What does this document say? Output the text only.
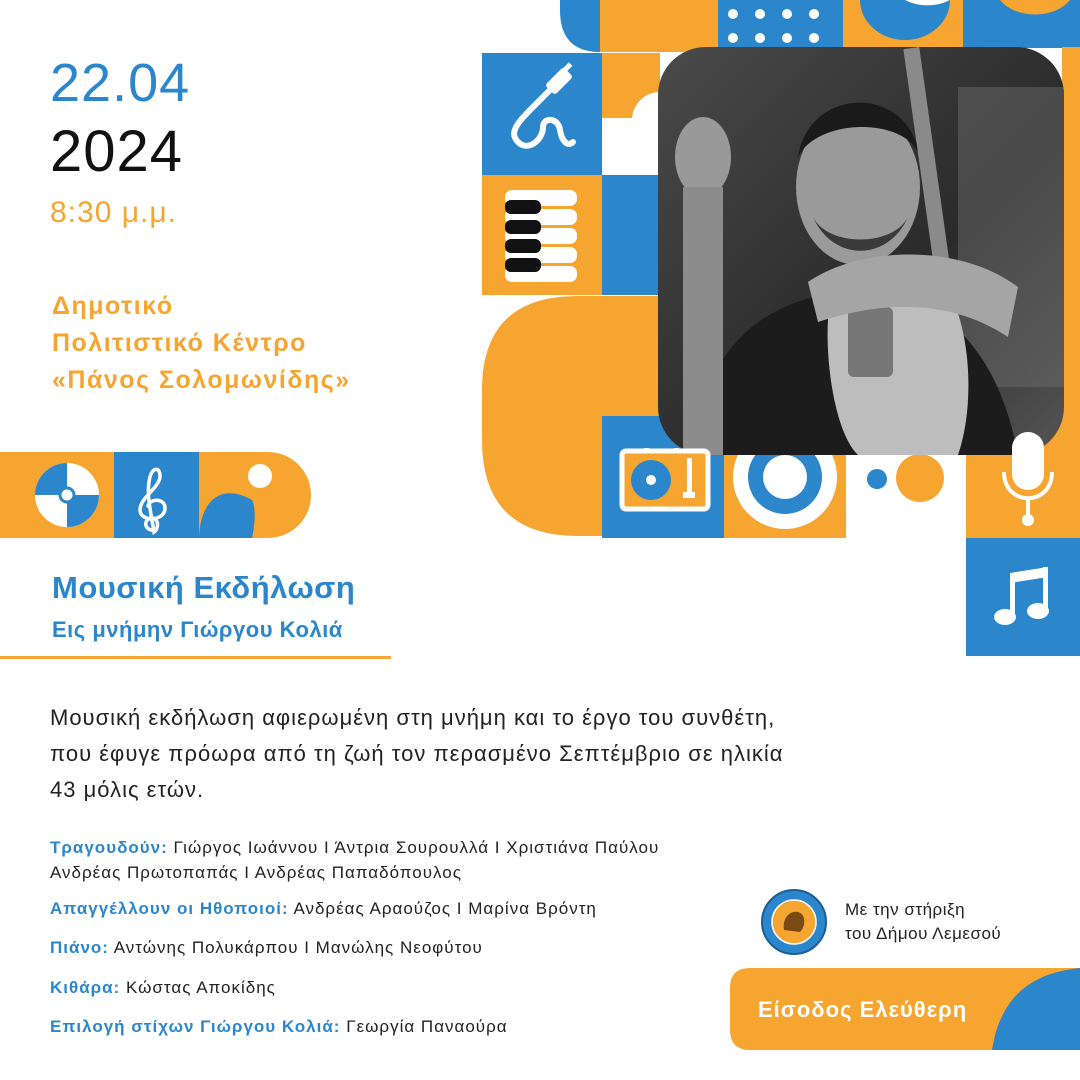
22.04
2024
8:30 μ.μ.
Δημοτικό
Πολιτιστικό Κέντρο
«Πάνος Σολομωνίδης»
Μουσική Εκδήλωση
Εις μνήμην Γιώργου Κολιά
Μουσική εκδήλωση αφιερωμένη στη μνήμη και το έργο του συνθέτη,
που έφυγε πρόωρα από τη ζωή τον περασμένο Σεπτέμβριο σε ηλικία
43 μόλις ετών.
Τραγουδούν: Γιώργος Ιωάννου Ι Άντρια Σουρουλλά Ι Χριστιάνα Παύλου
Ανδρέας Πρωτοπαπάς Ι Ανδρέας Παπαδόπουλος
Απαγγέλλουν οι Ηθοποιοί: Ανδρέας Αραούζος Ι Μαρίνα Βρόντη
Πιάνο: Αντώνης Πολυκάρπου Ι Μανώλης Νεοφύτου
Κιθάρα: Κώστας Αποκίδης
Επιλογή στίχων Γιώργου Κολιά: Γεωργία Παναούρα
Με την στήριξη
του Δήμου Λεμεσού
Είσοδος Ελεύθερη
